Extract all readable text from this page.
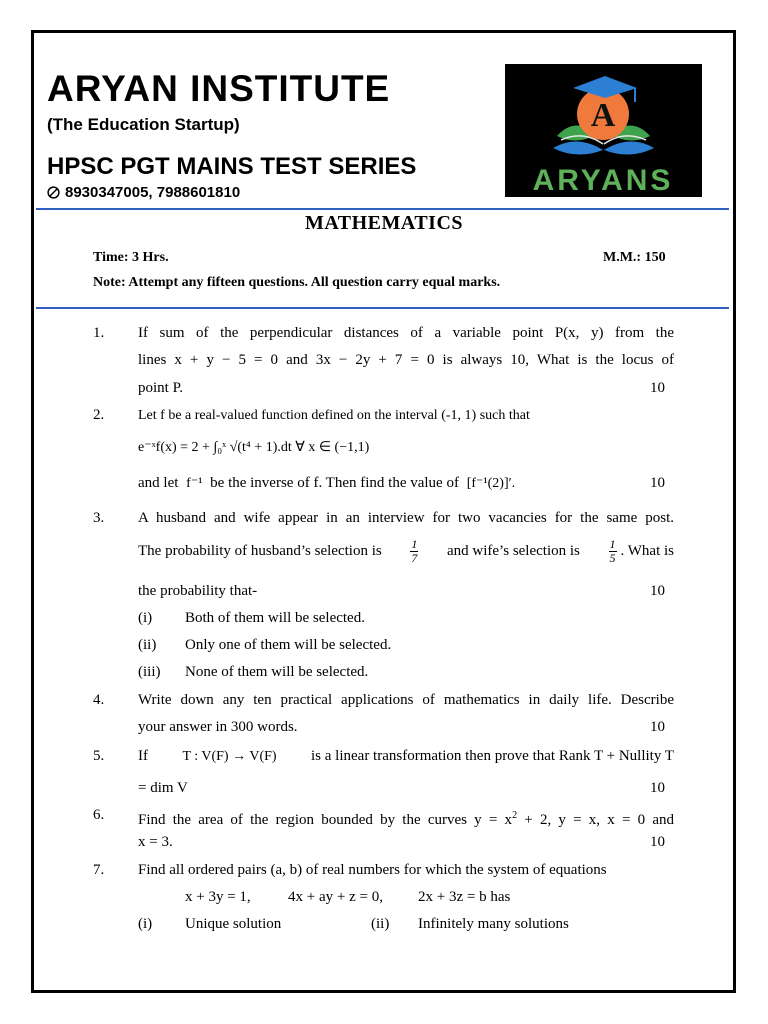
ARYAN INSTITUTE
(The Education Startup)
HPSC PGT MAINS TEST SERIES
8930347005, 7988601810
A
ARYANS
MATHEMATICS
Time: 3 Hrs.	M.M.: 150
Note: Attempt any fifteen questions. All question carry equal marks.
1. If sum of the perpendicular distances of a variable point P(x, y) from the
lines x + y − 5 = 0 and 3x − 2y + 7 = 0 is always 10, What is the locus of
point P.	10
2. Let f be a real-valued function defined on the interval (-1, 1) such that
e⁻ˣf(x) = 2 + ∫₀ˣ √(t⁴ + 1).dt ∀ x ∈ (−1,1)
and let f⁻¹ be the inverse of f. Then find the value of [f⁻¹(2)]′.	10
3. A husband and wife appear in an interview for two vacancies for the same post.
The probability of husband’s selection is $\frac{1}{7}$ and wife’s selection is $\frac{1}{5}$ . What is
the probability that-	10
(i) Both of them will be selected.
(ii) Only one of them will be selected.
(iii) None of them will be selected.
4. Write down any ten practical applications of mathematics in daily life. Describe
your answer in 300 words.	10
5. If T : V(F) → V(F) is a linear transformation then prove that Rank T + Nullity T
= dim V	10
6. Find the area of the region bounded by the curves $y = x^2 + 2$, y = x, x = 0 and
x = 3.	10
7. Find all ordered pairs (a, b) of real numbers for which the system of equations
x + 3y = 1, 4x + ay + z = 0, 2x + 3z = b has
(i) Unique solution	(ii) Infinitely many solutions
